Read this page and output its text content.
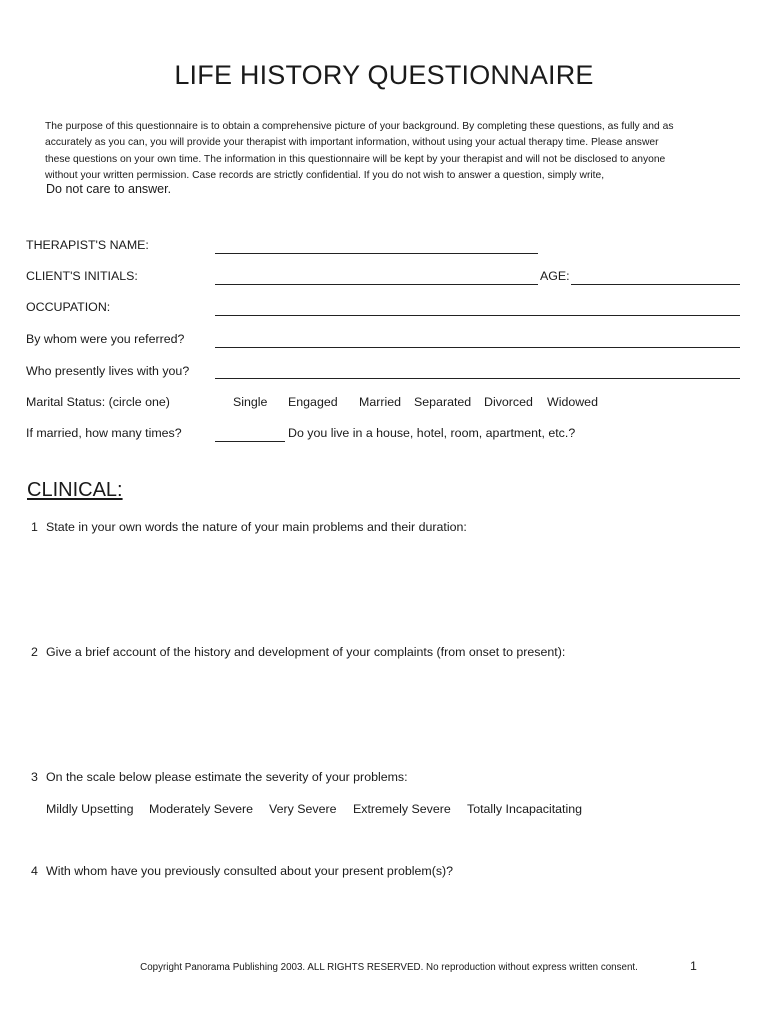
LIFE HISTORY QUESTIONNAIRE
The purpose of this questionnaire is to obtain a comprehensive picture of your background. By completing these questions, as fully and as
accurately as you can, you will provide your therapist with important information, without using your actual therapy time. Please answer
these questions on your own time. The information in this questionnaire will be kept by your therapist and will not be disclosed to anyone
without your written permission. Case records are strictly confidential. If you do not wish to answer a question, simply write,
Do not care to answer.
THERAPIST'S NAME:
CLIENT'S INITIALS:	AGE:
OCCUPATION:
By whom were you referred?
Who presently lives with you?
Marital Status: (circle one)	Single Engaged Married Separated Divorced Widowed
If married, how many times?	Do you live in a house, hotel, room, apartment, etc.?
CLINICAL:
1 State in your own words the nature of your main problems and their duration:
2 Give a brief account of the history and development of your complaints (from onset to present):
3 On the scale below please estimate the severity of your problems:
Mildly Upsetting Moderately Severe Very Severe Extremely Severe Totally Incapacitating
4 With whom have you previously consulted about your present problem(s)?
Copyright Panorama Publishing 2003. ALL RIGHTS RESERVED. No reproduction without express written consent.	1
